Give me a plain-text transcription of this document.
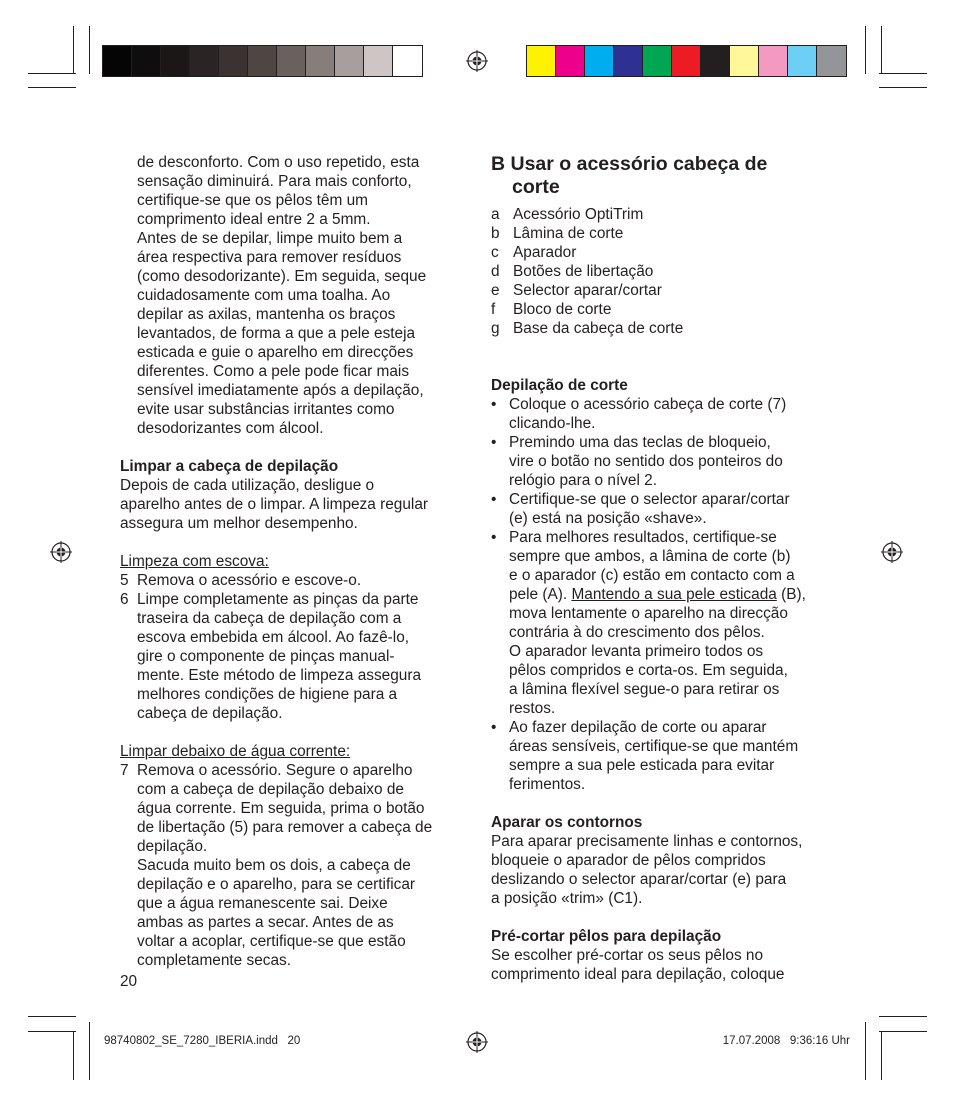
de desconforto. Com o uso repetido, esta

sensação diminuirá. Para mais conforto,

certifique-se que os pêlos têm um

comprimento ideal entre 2 a 5mm.

Antes de se depilar, limpe muito bem a

área respectiva para remover resíduos

(como desodorizante). Em seguida, seque

cuidadosamente com uma toalha. Ao

depilar as axilas, mantenha os braços

levantados, de forma a que a pele esteja

esticada e guie o aparelho em direcções

diferentes. Como a pele pode ficar mais

sensível imediatamente após a depilação,

evite usar substâncias irritantes como

desodorizantes com álcool.

Limpar a cabeça de depilação

Depois de cada utilização, desligue o

aparelho antes de o limpar. A limpeza regular

assegura um melhor desempenho.

Limpeza com escova:

5 Remova o acessório e escove-o.

6 Limpe completamente as pinças da parte

traseira da cabeça de depilação com a

escova embebida em álcool. Ao fazê-lo,

gire o componente de pinças manual-

mente. Este método de limpeza assegura

melhores condições de higiene para a

cabeça de depilação.

Limpar debaixo de água corrente:

7 Remova o acessório. Segure o aparelho

com a cabeça de depilação debaixo de

água corrente. Em seguida, prima o botão

de libertação (5) para remover a cabeça de

depilação.

Sacuda muito bem os dois, a cabeça de

depilação e o aparelho, para se certificar

que a água remanescente sai. Deixe

ambas as partes a secar. Antes de as

voltar a acoplar, certifique-se que estão

completamente secas.

20
B Usar o acessório cabeça de
corte
a Acessório OptiTrim
b Lâmina de corte
c Aparador
d Botões de libertação
e Selector aparar/cortar
f	Bloco de corte
g Base da cabeça de corte

Depilação de corte

• Coloque o acessório cabeça de corte (7)

clicando-lhe.

• Premindo uma das teclas de bloqueio,

vire o botão no sentido dos ponteiros do

relógio para o nível 2.

• Certifique-se que o selector aparar/cortar

(e) está na posição «shave».

• Para melhores resultados, certifique-se

sempre que ambos, a lâmina de corte (b)

e o aparador (c) estão em contacto com a

pele (A). Mantendo a sua pele esticada (B),

mova lentamente o aparelho na direcção

contrária à do crescimento dos pêlos.

O aparador levanta primeiro todos os

pêlos compridos e corta-os. Em seguida,

a lâmina flexível segue-o para retirar os

restos.

• Ao fazer depilação de corte ou aparar

áreas sensíveis, certifique-se que mantém

sempre a sua pele esticada para evitar

ferimentos.

Aparar os contornos

Para aparar precisamente linhas e contornos,

bloqueie o aparador de pêlos compridos

deslizando o selector aparar/cortar (e) para

a posição «trim» (C1).

Pré-cortar pêlos para depilação

Se escolher pré-cortar os seus pêlos no

comprimento ideal para depilação, coloque

98740802_SE_7280_IBERIA.indd   20	17.07.2008   9:36:16 Uhr
